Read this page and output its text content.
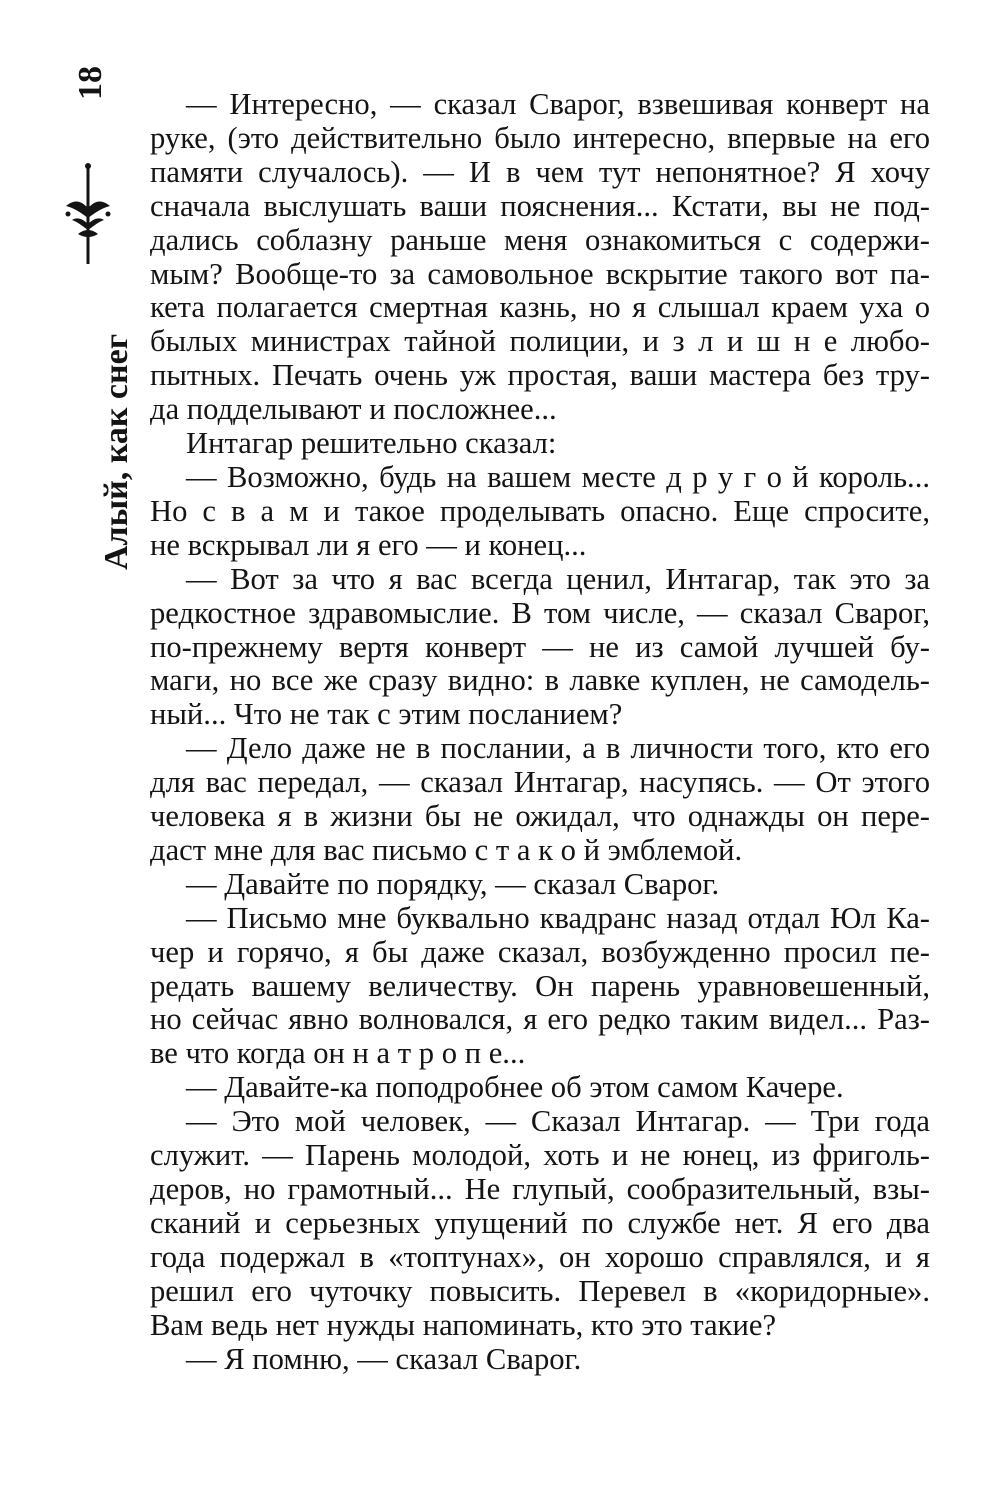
18
Алый, как снег
— Интересно, — сказал Сварог, взвешивая конверт на
руке, (это действительно было интересно, впервые на его
памяти случалось). — И в чем тут непонятное? Я хочу
сначала выслушать ваши пояснения... Кстати, вы не под-
дались соблазну раньше меня ознакомиться с содержи-
мым? Вообще-то за самовольное вскрытие такого вот па-
кета полагается смертная казнь, но я слышал краем уха о
былых министрах тайной полиции, и з л и ш н е любо-
пытных. Печать очень уж простая, ваши мастера без тру-
да подделывают и посложнее...
Интагар решительно сказал:
— Возможно, будь на вашем месте д р у г о й король...
Но с в а м и такое проделывать опасно. Еще спросите,
не вскрывал ли я его — и конец...
— Вот за что я вас всегда ценил, Интагар, так это за
редкостное здравомыслие. В том числе, — сказал Сварог,
по-прежнему вертя конверт — не из самой лучшей бу-
маги, но все же сразу видно: в лавке куплен, не самодель-
ный... Что не так с этим посланием?
— Дело даже не в послании, а в личности того, кто его
для вас передал, — сказал Интагар, насупясь. — От этого
человека я в жизни бы не ожидал, что однажды он пере-
даст мне для вас письмо с т а к о й эмблемой.
— Давайте по порядку, — сказал Сварог.
— Письмо мне буквально квадранс назад отдал Юл Ка-
чер и горячо, я бы даже сказал, возбужденно просил пе-
редать вашему величеству. Он парень уравновешенный,
но сейчас явно волновался, я его редко таким видел... Раз-
ве что когда он н а т р о п е...
— Давайте-ка поподробнее об этом самом Качере.
— Это мой человек, — Сказал Интагар. — Три года
служит. — Парень молодой, хоть и не юнец, из фриголь-
деров, но грамотный... Не глупый, сообразительный, взы-
сканий и серьезных упущений по службе нет. Я его два
года подержал в «топтунах», он хорошо справлялся, и я
решил его чуточку повысить. Перевел в «коридорные».
Вам ведь нет нужды напоминать, кто это такие?
— Я помню, — сказал Сварог.
